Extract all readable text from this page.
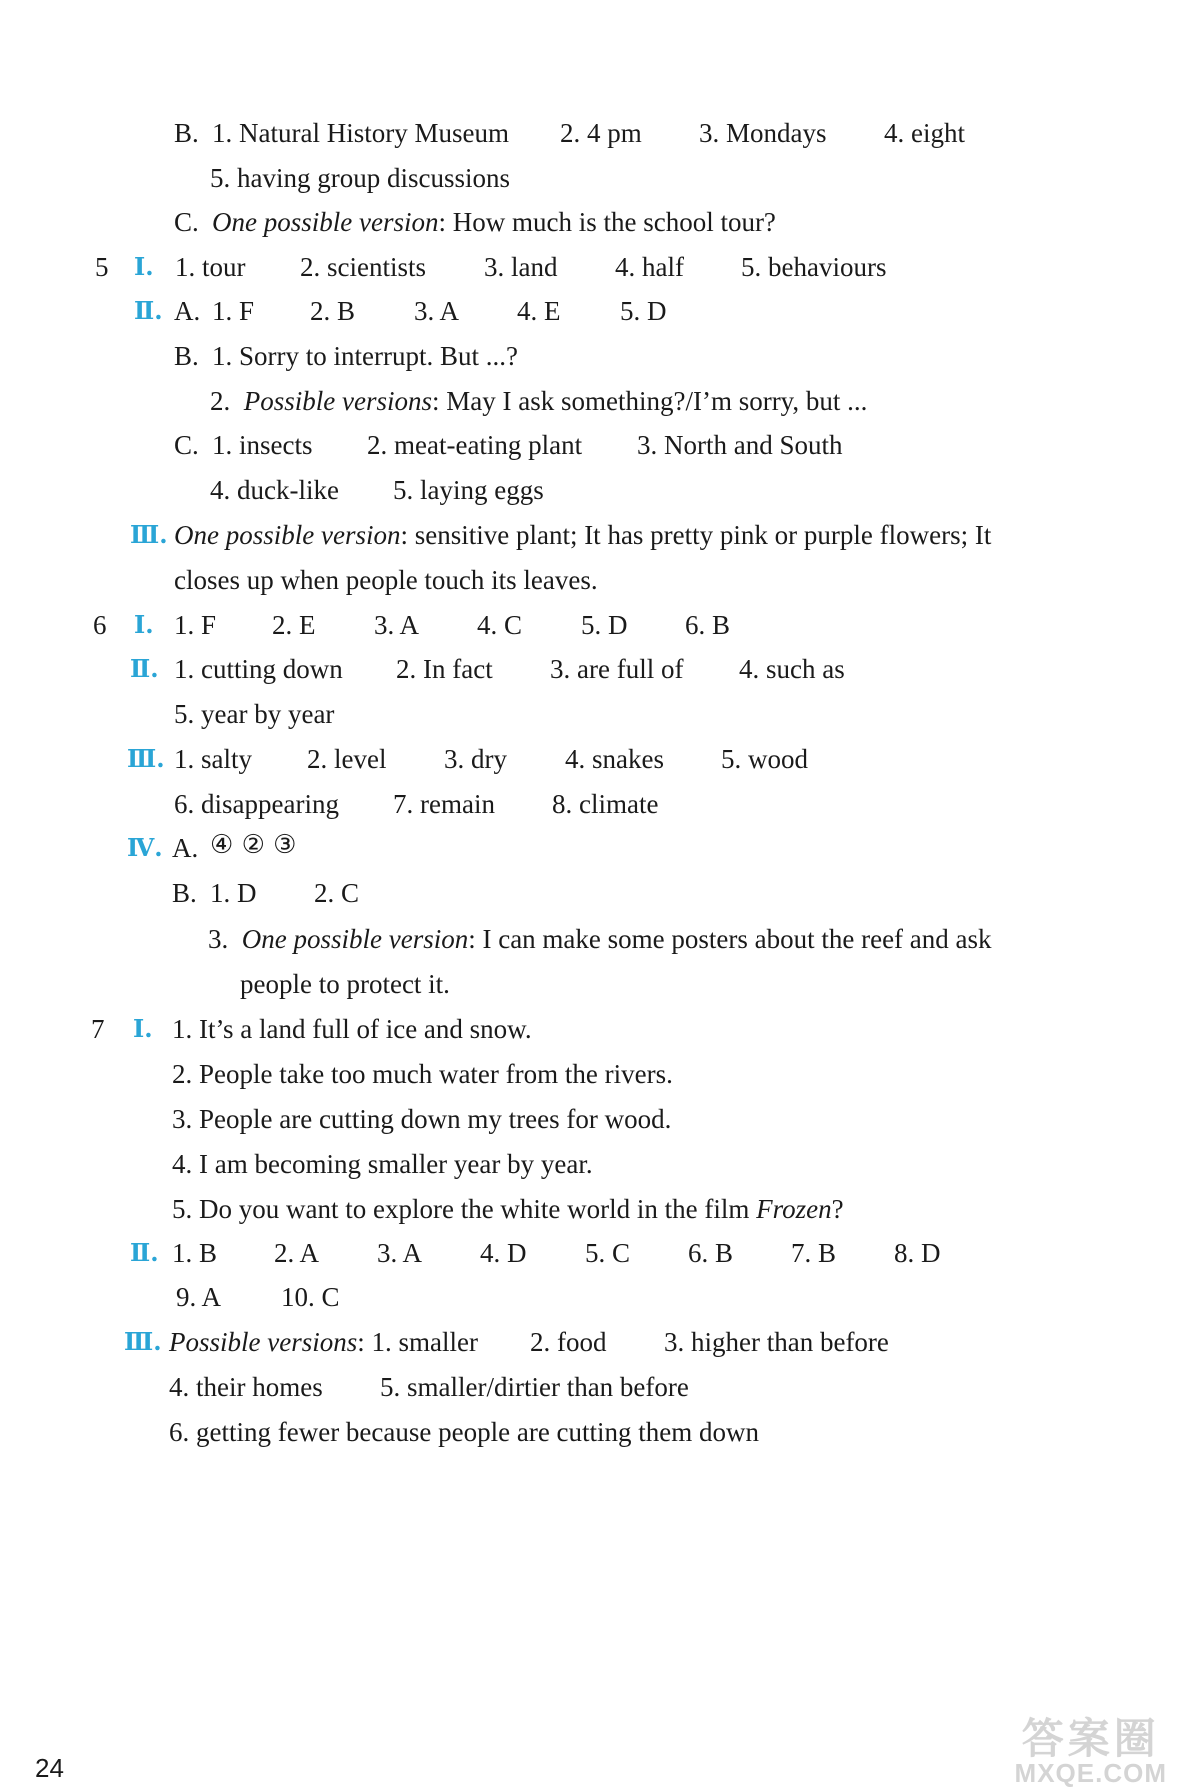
B. 1. Natural History Museum 2. 4 pm 3. Mondays 4. eight
5. having group discussions
C. One possible version: How much is the school tour?
5 Ⅰ. 1. tour 2. scientists 3. land 4. half 5. behaviours
Ⅱ. A. 1. F 2. B 3. A 4. E 5. D
B. 1. Sorry to interrupt. But ...?
2. Possible versions: May I ask something?/I’m sorry, but ...
C. 1. insects 2. meat-eating plant 3. North and South
4. duck-like 5. laying eggs
Ⅲ. One possible version: sensitive plant; It has pretty pink or purple flowers; It
closes up when people touch its leaves.
6 Ⅰ. 1. F 2. E 3. A 4. C 5. D 6. B
Ⅱ. 1. cutting down 2. In fact 3. are full of 4. such as
5. year by year
Ⅲ. 1. salty 2. level 3. dry 4. snakes 5. wood
6. disappearing 7. remain 8. climate
Ⅳ. A. ④ ② ③
B. 1. D 2. C
3. One possible version: I can make some posters about the reef and ask
people to protect it.
7 Ⅰ. 1. It’s a land full of ice and snow.
2. People take too much water from the rivers.
3. People are cutting down my trees for wood.
4. I am becoming smaller year by year.
5. Do you want to explore the white world in the film Frozen?
Ⅱ. 1. B 2. A 3. A 4. D 5. C 6. B 7. B 8. D
9. A 10. C
Ⅲ. Possible versions: 1. smaller 2. food 3. higher than before
4. their homes 5. smaller/dirtier than before
6. getting fewer because people are cutting them down
24
答案圈
MXQE.COM
